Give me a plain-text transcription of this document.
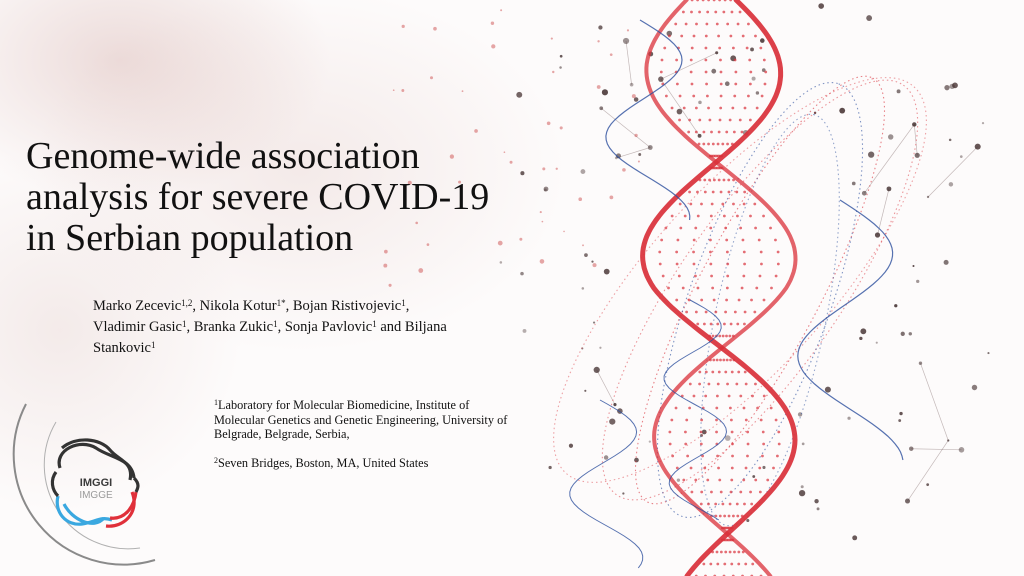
Genome-wide association
analysis for severe COVID-19
in Serbian population
Marko Zecevic$^{1,2}$, Nikola Kotur$^{1*}$, Bojan Ristivojevic$^1$, Vladimir Gasic$^1$, Branka Zukic$^1$, Sonja Pavlovic$^1$ and Biljana Stankovic$^1$

$^1$Laboratory for Molecular Biomedicine, Institute of Molecular Genetics and Genetic Engineering, University of Belgrade, Belgrade, Serbia,

$^2$Seven Bridges, Boston, MA, United States

IMGGI
IMGGE
